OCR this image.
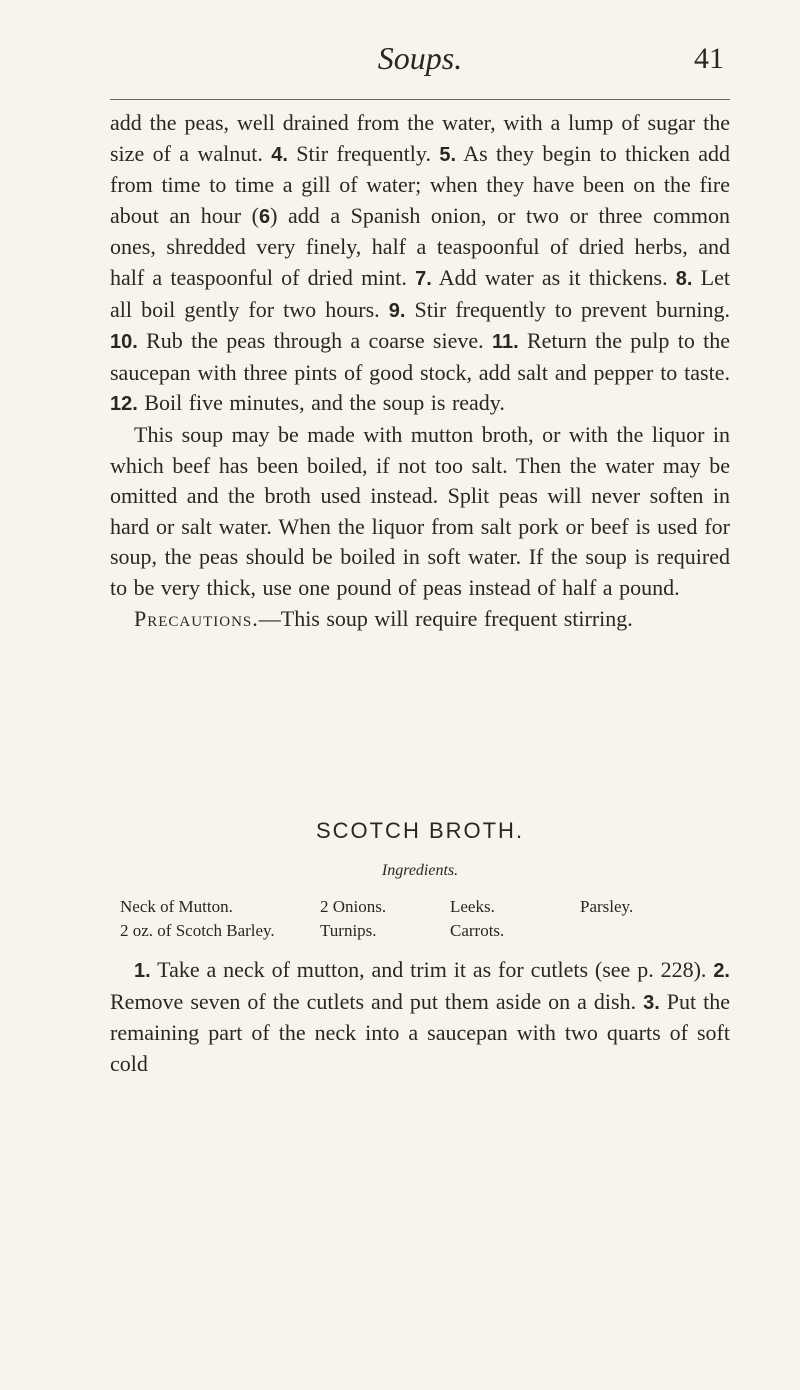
Soups.	41

add the peas, well drained from the water, with a lump of sugar the size of a walnut. 4. Stir frequently. 5. As they begin to thicken add from time to time a gill of water; when they have been on the fire about an hour (6) add a Spanish onion, or two or three common ones, shredded very finely, half a teaspoonful of dried herbs, and half a teaspoonful of dried mint. 7. Add water as it thickens. 8. Let all boil gently for two hours. 9. Stir frequently to prevent burning. 10. Rub the peas through a coarse sieve. 11. Return the pulp to the saucepan with three pints of good stock, add salt and pepper to taste. 12. Boil five minutes, and the soup is ready.

This soup may be made with mutton broth, or with the liquor in which beef has been boiled, if not too salt. Then the water may be omitted and the broth used instead. Split peas will never soften in hard or salt water. When the liquor from salt pork or beef is used for soup, the peas should be boiled in soft water. If the soup is required to be very thick, use one pound of peas instead of half a pound.

Precautions.—This soup will require frequent stirring.

SCOTCH BROTH.
Ingredients.
Neck of Mutton.	2 Onions.	Leeks.	Parsley.
2 oz. of Scotch Barley.	Turnips.	Carrots.

1. Take a neck of mutton, and trim it as for cutlets (see p. 228). 2. Remove seven of the cutlets and put them aside on a dish. 3. Put the remaining part of the neck into a saucepan with two quarts of soft cold
